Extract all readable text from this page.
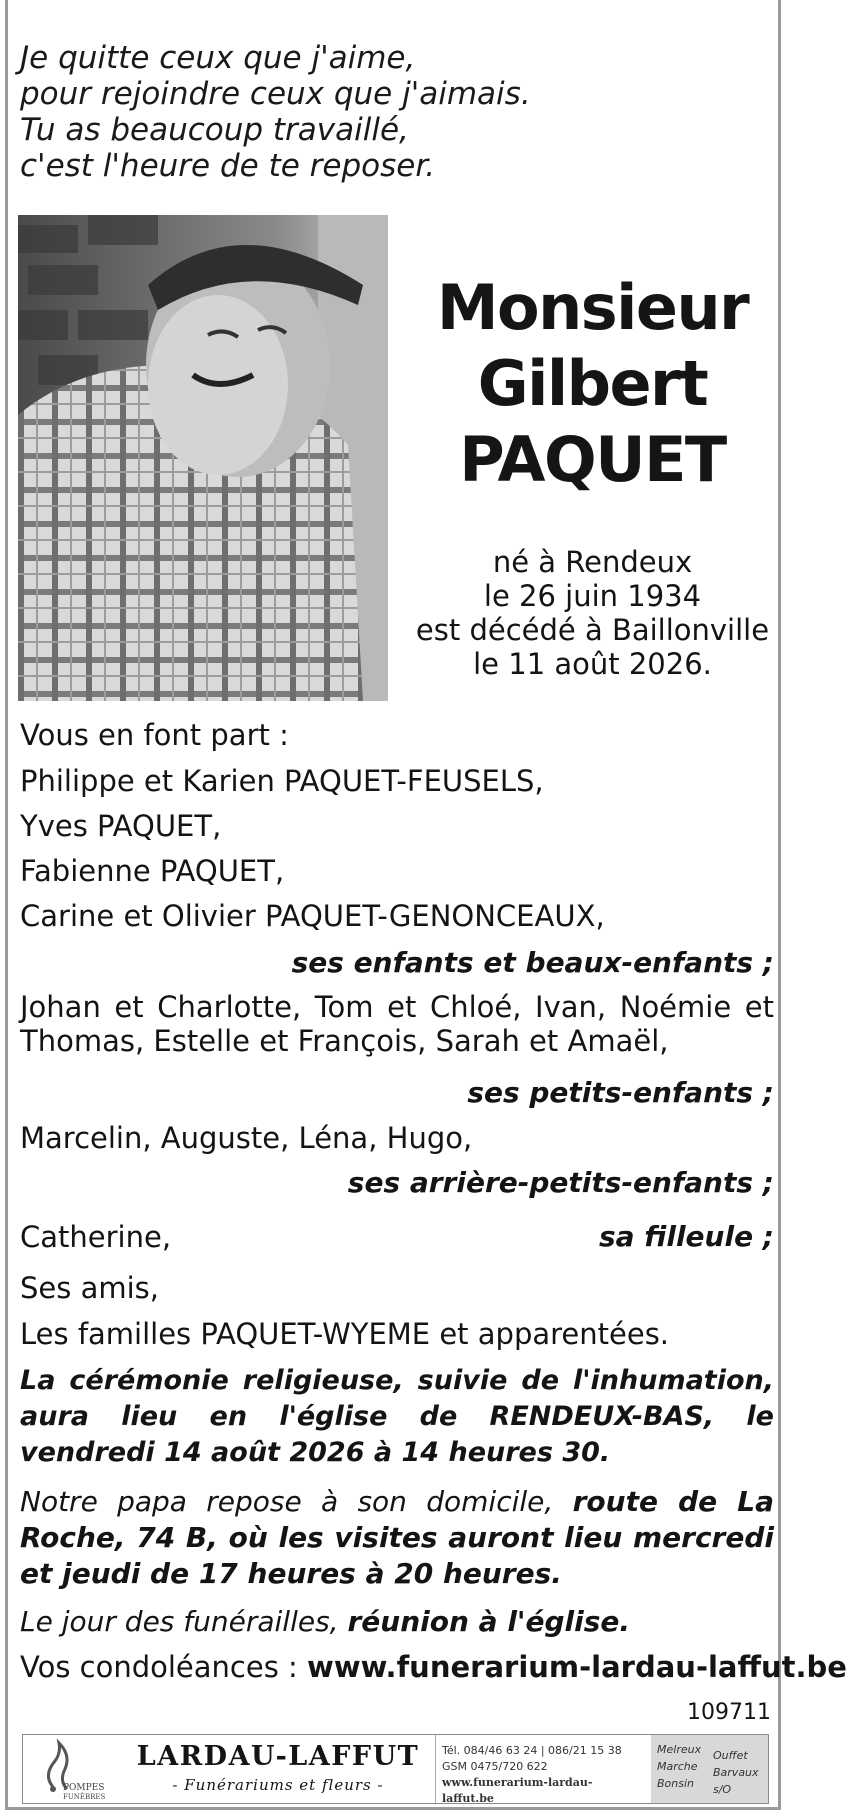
Je quitte ceux que j'aime,
pour rejoindre ceux que j'aimais.
Tu as beaucoup travaillé,
c'est l'heure de te reposer.
Monsieur
Gilbert
PAQUET
né à Rendeux
le 26 juin 1934
est décédé à Baillonville
le 11 août 2026.
Vous en font part :
Philippe et Karien PAQUET-FEUSELS,
Yves PAQUET,
Fabienne PAQUET,
Carine et Olivier PAQUET-GENONCEAUX,
ses enfants et beaux-enfants ;
Johan et Charlotte, Tom et Chloé, Ivan, Noémie et Thomas, Estelle et François, Sarah et Amaël,
ses petits-enfants ;
Marcelin, Auguste, Léna, Hugo,
ses arrière-petits-enfants ;
Catherine,	sa filleule ;
Ses amis,
Les familles PAQUET-WYEME et apparentées.
La cérémonie religieuse, suivie de l'inhumation, aura lieu en l'église de RENDEUX-BAS, le vendredi 14 août 2026 à 14 heures 30.
Notre papa repose à son domicile, route de La Roche, 74 B, où les visites auront lieu mercredi et jeudi de 17 heures à 20 heures.
Le jour des funérailles, réunion à l'église.
Vos condoléances : www.funerarium-lardau-laffut.be
109711
POMPES
FUNÈBRES
LARDAU-LAFFUT
- Funérariums et fleurs -
Tél. 084/46 63 24 | 086/21 15 38
GSM 0475/720 622
www.funerarium-lardau-laffut.be
Melreux
Marche
Bonsin
Ouffet
Barvaux s/O
